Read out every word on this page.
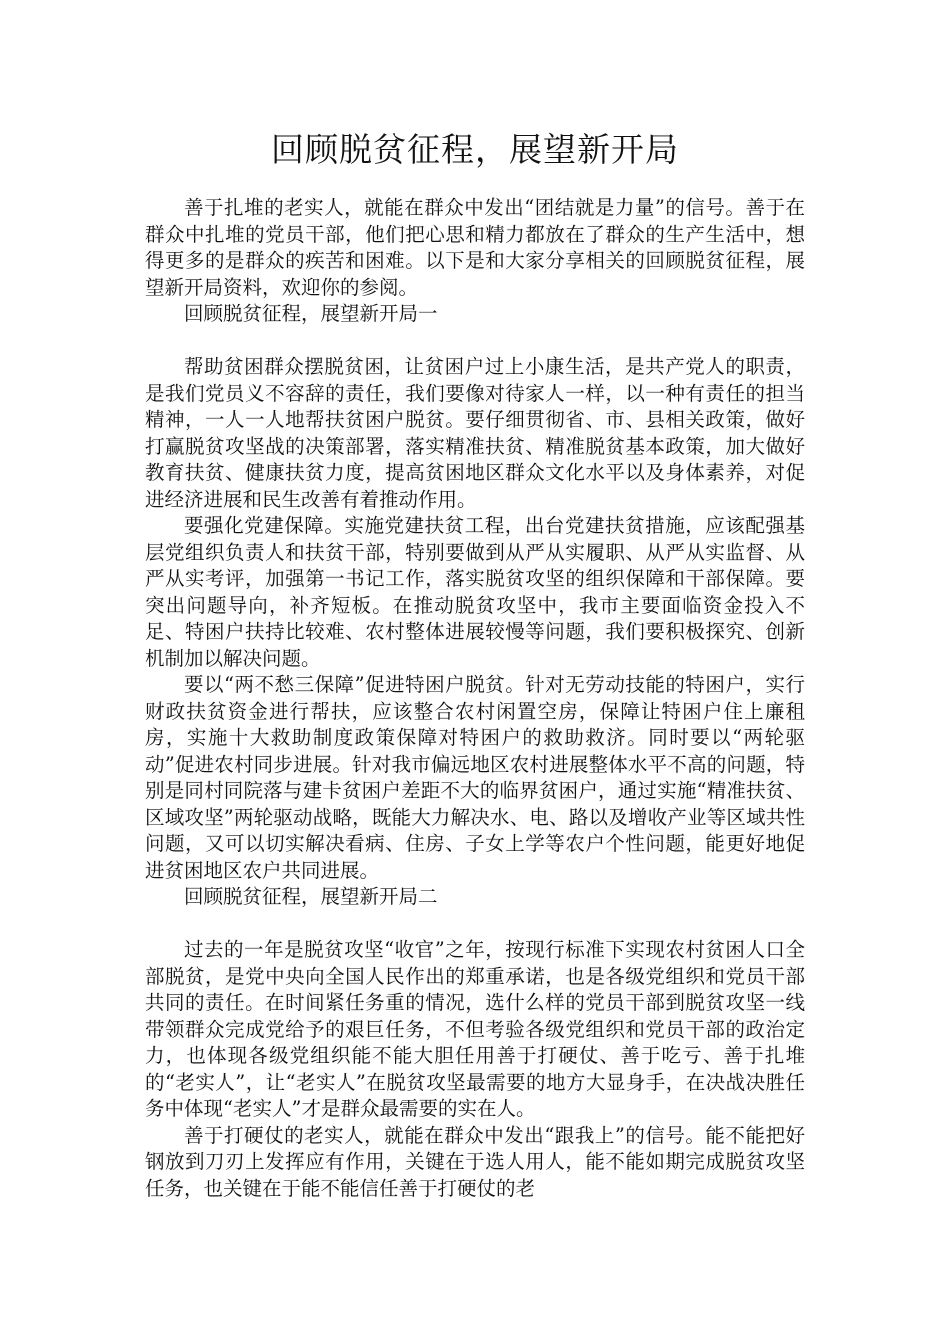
回顾脱贫征程，展望新开局

善于扎堆的老实人，就能在群众中发出“团结就是力量”的信号。善于在群众中扎堆的党员干部，他们把心思和精力都放在了群众的生产生活中，想得更多的是群众的疾苦和困难。以下是和大家分享相关的回顾脱贫征程，展望新开局资料，欢迎你的参阅。

回顾脱贫征程，展望新开局一

帮助贫困群众摆脱贫困，让贫困户过上小康生活，是共产党人的职责，是我们党员义不容辞的责任，我们要像对待家人一样，以一种有责任的担当精神，一人一人地帮扶贫困户脱贫。要仔细贯彻省、市、县相关政策，做好打赢脱贫攻坚战的决策部署，落实精准扶贫、精准脱贫基本政策，加大做好教育扶贫、健康扶贫力度，提高贫困地区群众文化水平以及身体素养，对促进经济进展和民生改善有着推动作用。

要强化党建保障。实施党建扶贫工程，出台党建扶贫措施，应该配强基层党组织负责人和扶贫干部，特别要做到从严从实履职、从严从实监督、从严从实考评，加强第一书记工作，落实脱贫攻坚的组织保障和干部保障。要突出问题导向，补齐短板。在推动脱贫攻坚中，我市主要面临资金投入不足、特困户扶持比较难、农村整体进展较慢等问题，我们要积极探究、创新机制加以解决问题。

要以“两不愁三保障”促进特困户脱贫。针对无劳动技能的特困户，实行财政扶贫资金进行帮扶，应该整合农村闲置空房，保障让特困户住上廉租房，实施十大救助制度政策保障对特困户的救助救济。同时要以“两轮驱动”促进农村同步进展。针对我市偏远地区农村进展整体水平不高的问题，特别是同村同院落与建卡贫困户差距不大的临界贫困户，通过实施“精准扶贫、区域攻坚”两轮驱动战略，既能大力解决水、电、路以及增收产业等区域共性问题，又可以切实解决看病、住房、子女上学等农户个性问题，能更好地促进贫困地区农户共同进展。

回顾脱贫征程，展望新开局二

过去的一年是脱贫攻坚“收官”之年，按现行标准下实现农村贫困人口全部脱贫，是党中央向全国人民作出的郑重承诺，也是各级党组织和党员干部共同的责任。在时间紧任务重的情况，选什么样的党员干部到脱贫攻坚一线带领群众完成党给予的艰巨任务，不但考验各级党组织和党员干部的政治定力，也体现各级党组织能不能大胆任用善于打硬仗、善于吃亏、善于扎堆的“老实人”，让“老实人”在脱贫攻坚最需要的地方大显身手，在决战决胜任务中体现“老实人”才是群众最需要的实在人。

善于打硬仗的老实人，就能在群众中发出“跟我上”的信号。能不能把好钢放到刀刃上发挥应有作用，关键在于选人用人，能不能如期完成脱贫攻坚任务，也关键在于能不能信任善于打硬仗的老
